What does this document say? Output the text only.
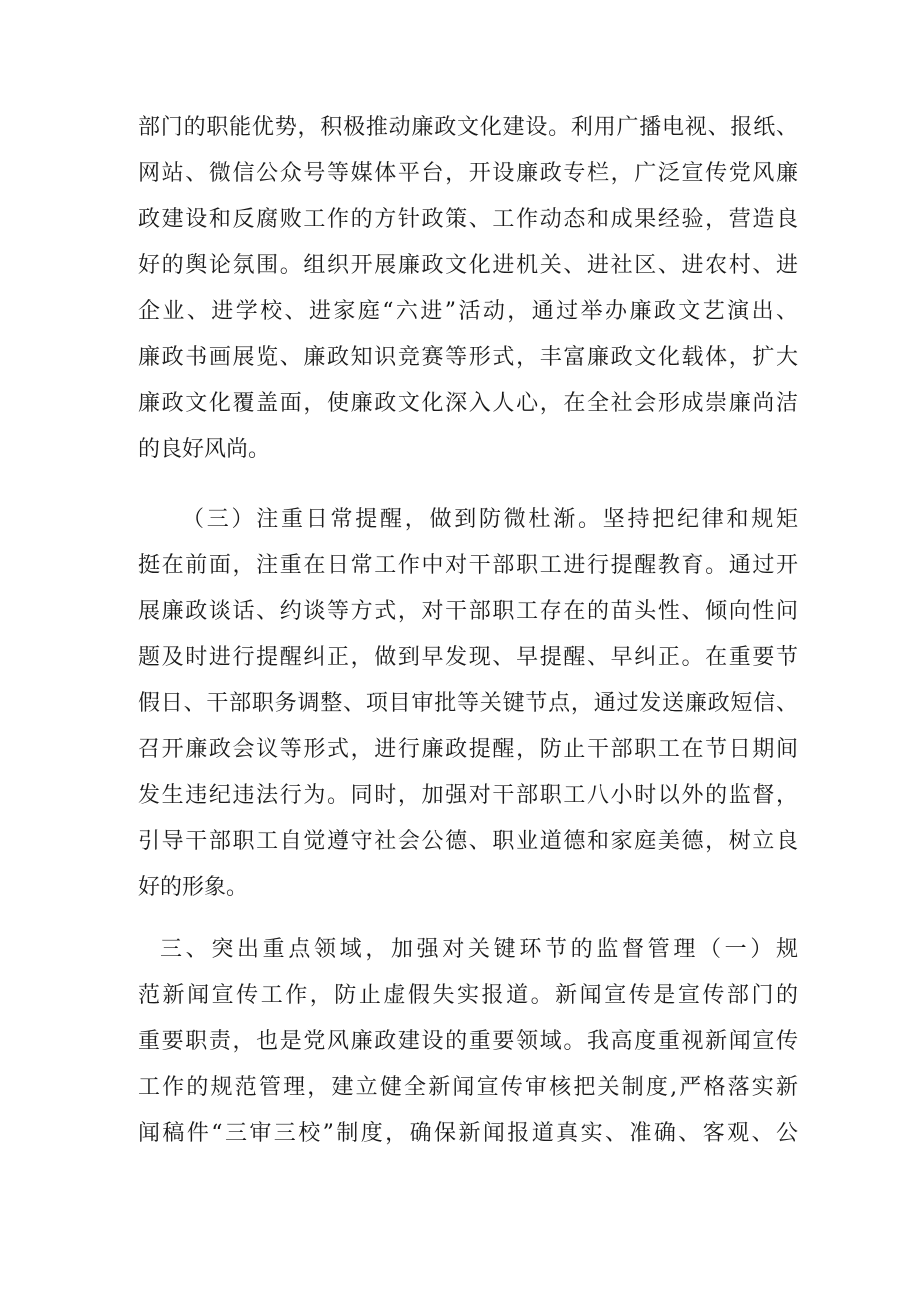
部门的职能优势，积极推动廉政文化建设。利用广播电视、报纸、

网站、微信公众号等媒体平台，开设廉政专栏，广泛宣传党风廉

政建设和反腐败工作的方针政策、工作动态和成果经验，营造良

好的舆论氛围。组织开展廉政文化进机关、进社区、进农村、进

企业、进学校、进家庭“六进”活动，通过举办廉政文艺演出、

廉政书画展览、廉政知识竞赛等形式，丰富廉政文化载体，扩大

廉政文化覆盖面，使廉政文化深入人心，在全社会形成崇廉尚洁

的良好风尚。

（三）注重日常提醒，做到防微杜渐。坚持把纪律和规矩

挺在前面，注重在日常工作中对干部职工进行提醒教育。通过开

展廉政谈话、约谈等方式，对干部职工存在的苗头性、倾向性问

题及时进行提醒纠正，做到早发现、早提醒、早纠正。在重要节

假日、干部职务调整、项目审批等关键节点，通过发送廉政短信、

召开廉政会议等形式，进行廉政提醒，防止干部职工在节日期间

发生违纪违法行为。同时，加强对干部职工八小时以外的监督，

引导干部职工自觉遵守社会公德、职业道德和家庭美德，树立良

好的形象。

三、突出重点领域，加强对关键环节的监督管理（一）规

范新闻宣传工作，防止虚假失实报道。新闻宣传是宣传部门的

重要职责，也是党风廉政建设的重要领域。我高度重视新闻宣传

工作的规范管理，建立健全新闻宣传审核把关制度,严格落实新

闻稿件“三审三校”制度，确保新闻报道真实、准确、客观、公
